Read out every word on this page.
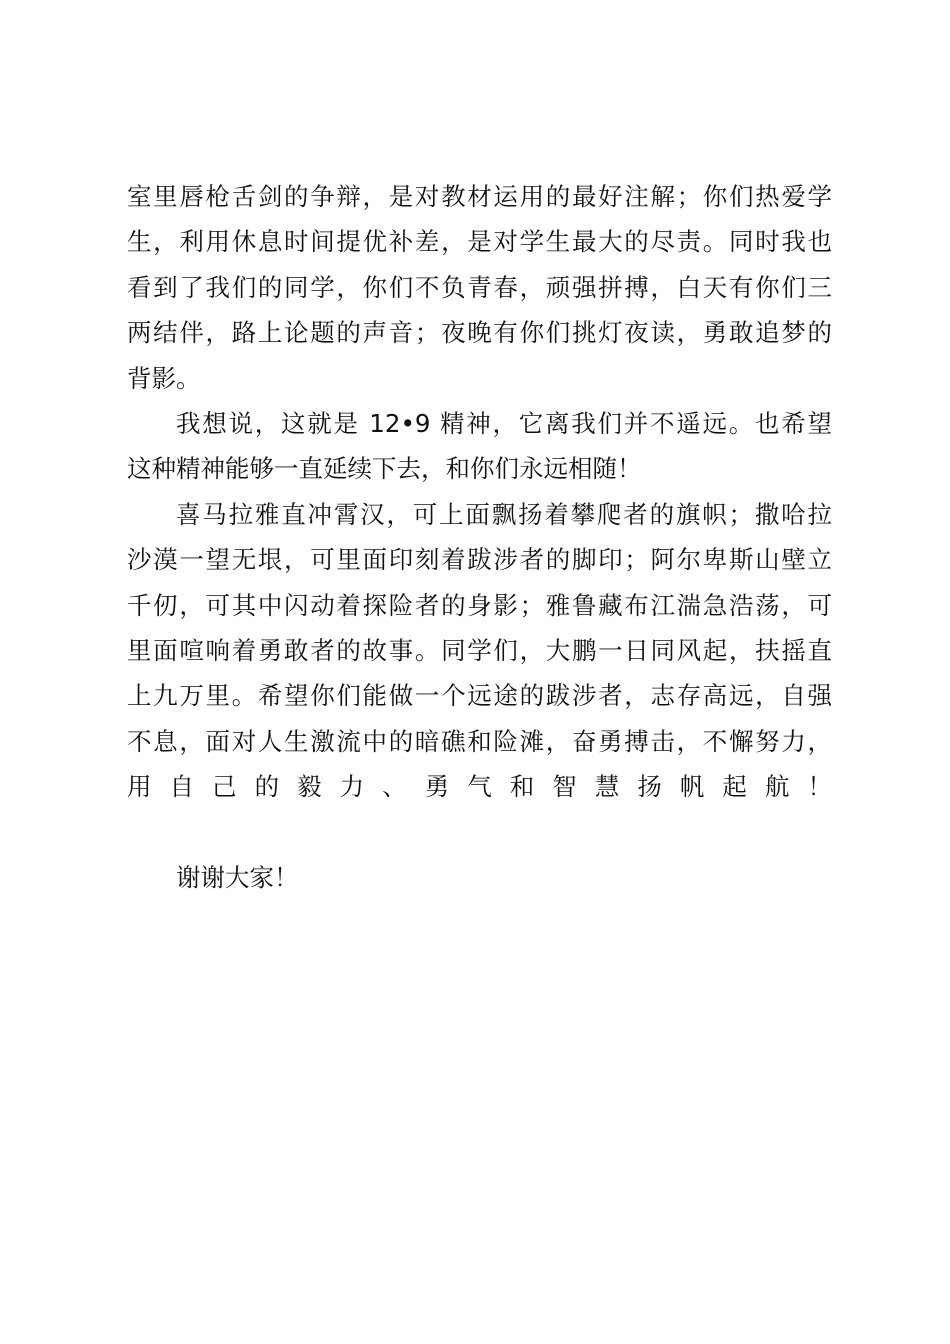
室里唇枪舌剑的争辩，是对教材运用的最好注解；你们热爱学
生，利用休息时间提优补差，是对学生最大的尽责。同时我也
看到了我们的同学，你们不负青春，顽强拼搏，白天有你们三
两结伴，路上论题的声音；夜晚有你们挑灯夜读，勇敢追梦的
背影。
我想说，这就是 12•9 精神，它离我们并不遥远。也希望
这种精神能够一直延续下去，和你们永远相随！
喜马拉雅直冲霄汉，可上面飘扬着攀爬者的旗帜；撒哈拉
沙漠一望无垠，可里面印刻着跋涉者的脚印；阿尔卑斯山壁立
千仞，可其中闪动着探险者的身影；雅鲁藏布江湍急浩荡，可
里面喧响着勇敢者的故事。同学们，大鹏一日同风起，扶摇直
上九万里。希望你们能做一个远途的跋涉者，志存高远，自强
不息，面对人生激流中的暗礁和险滩，奋勇搏击，不懈努力，
用自己的毅力、勇气和智慧扬帆起航！
谢谢大家！
